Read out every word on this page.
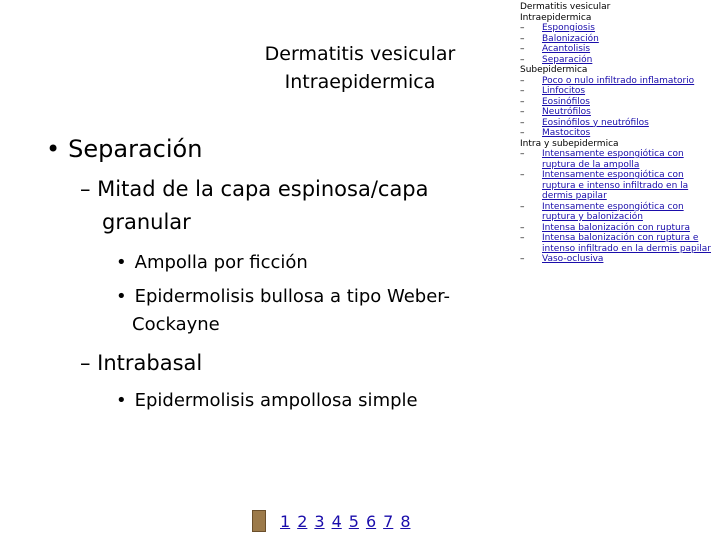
Dermatitis vesicular
Intraepidermica
• Separación
– Mitad de la capa espinosa/capa
granular
• Ampolla por ficción
• Epidermolisis bullosa a tipo Weber-
Cockayne
– Intrabasal
• Epidermolisis ampollosa simple
Dermatitis vesicular
Intraepidermica
–	Espongiosis
–	Balonización
–	Acantolisis
–	Separación
Subepidermica
–	Poco o nulo infiltrado inflamatorio
–	Linfocitos
–	Eosinófilos
–	Neutrófilos
–	Eosinófilos y neutrófilos
–	Mastocitos
Intra y subepidermica
–	Intensamente espongiótica con ruptura de la ampolla
–	Intensamente espongiótica con ruptura e intenso infiltrado en la dermis papilar
–	Intensamente espongiótica con ruptura y balonización
–	Intensa balonización con ruptura
–	Intensa balonización con ruptura e intenso infiltrado en la dermis papilar
–	Vaso-oclusiva
1 2 3 4 5 6 7 8
